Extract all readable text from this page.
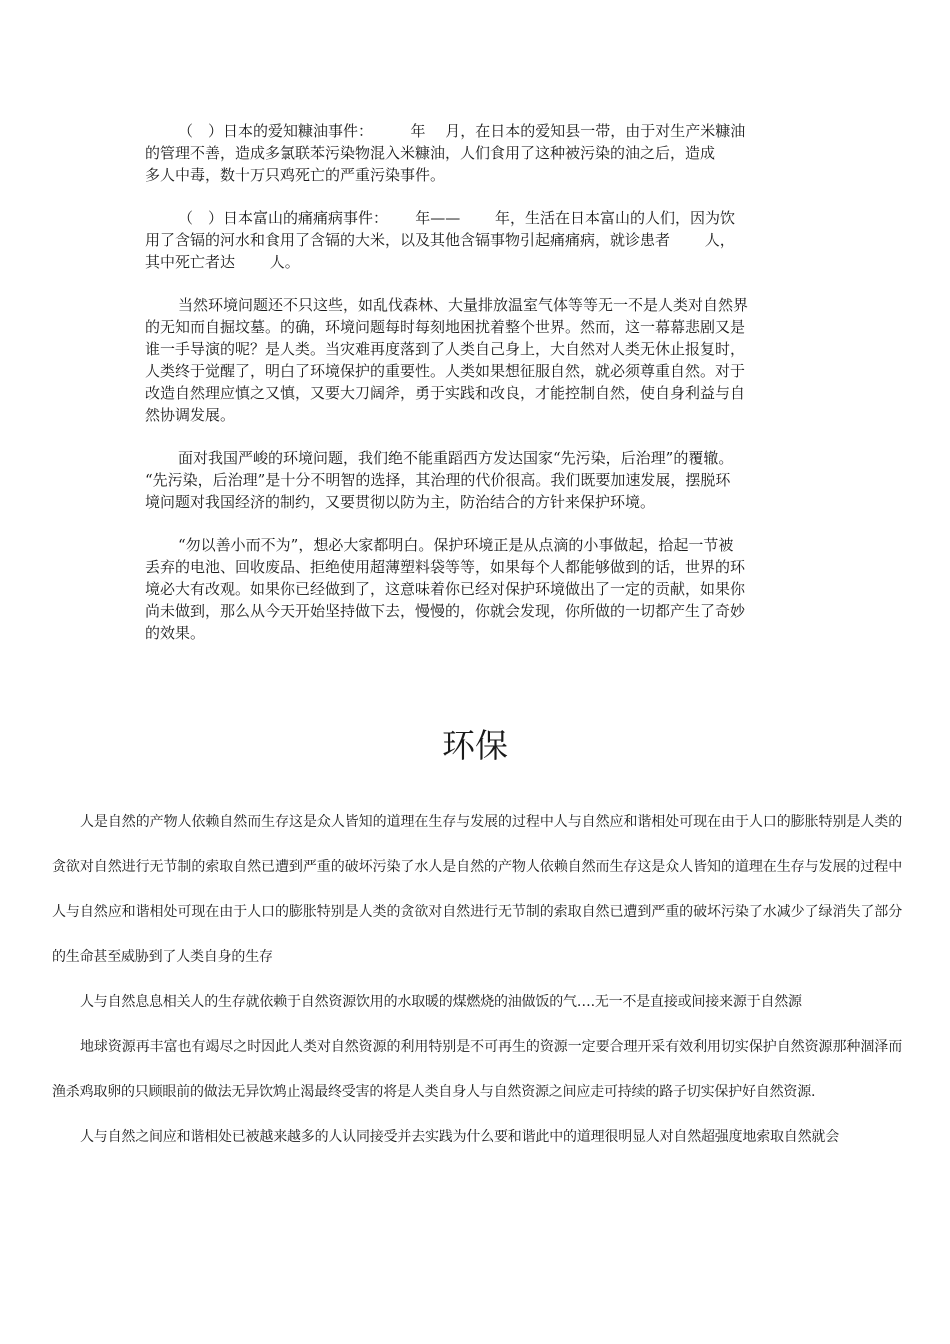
（　）日本的爱知糠油事件：　　　年　 月，在日本的爱知县一带，由于对生产米糠油
的管理不善，造成多氯联苯污染物混入米糠油，人们食用了这种被污染的油之后，造成
多人中毒，数十万只鸡死亡的严重污染事件。

（　）日本富山的痛痛病事件：　　 年——　　 年，生活在日本富山的人们，因为饮
用了含镉的河水和食用了含镉的大米，以及其他含镉事物引起痛痛病，就诊患者　　 人，
其中死亡者达　　 人。

当然环境问题还不只这些，如乱伐森林、大量排放温室气体等等无一不是人类对自然界
的无知而自掘坟墓。的确，环境问题每时每刻地困扰着整个世界。然而，这一幕幕悲剧又是
谁一手导演的呢？是人类。当灾难再度落到了人类自己身上，大自然对人类无休止报复时，
人类终于觉醒了，明白了环境保护的重要性。人类如果想征服自然，就必须尊重自然。对于
改造自然理应慎之又慎，又要大刀阔斧，勇于实践和改良，才能控制自然，使自身利益与自
然协调发展。

面对我国严峻的环境问题，我们绝不能重蹈西方发达国家“先污染，后治理”的覆辙。
“先污染，后治理”是十分不明智的选择，其治理的代价很高。我们既要加速发展，摆脱环
境问题对我国经济的制约，又要贯彻以防为主，防治结合的方针来保护环境。

“勿以善小而不为”，想必大家都明白。保护环境正是从点滴的小事做起，拾起一节被
丢弃的电池、回收废品、拒绝使用超薄塑料袋等等，如果每个人都能够做到的话，世界的环
境必大有改观。如果你已经做到了，这意味着你已经对保护环境做出了一定的贡献，如果你
尚未做到，那么从今天开始坚持做下去，慢慢的，你就会发现，你所做的一切都产生了奇妙
的效果。

环保

人是自然的产物人依赖自然而生存这是众人皆知的道理在生存与发展的过程中人与自然应和谐相处可现在由于人口的膨胀特别是人类的贪欲对自然进行无节制的索取自然已遭到严重的破坏污染了水人是自然的产物人依赖自然而生存这是众人皆知的道理在生存与发展的过程中人与自然应和谐相处可现在由于人口的膨胀特别是人类的贪欲对自然进行无节制的索取自然已遭到严重的破坏污染了水减少了绿消失了部分的生命甚至威胁到了人类自身的生存

人与自然息息相关人的生存就依赖于自然资源饮用的水取暖的煤燃烧的油做饭的气….无一不是直接或间接来源于自然源

地球资源再丰富也有竭尽之时因此人类对自然资源的利用特别是不可再生的资源一定要合理开采有效利用切实保护自然资源那种涸泽而渔杀鸡取卵的只顾眼前的做法无异饮鸩止渴最终受害的将是人类自身人与自然资源之间应走可持续的路子切实保护好自然资源.

人与自然之间应和谐相处已被越来越多的人认同接受并去实践为什么要和谐此中的道理很明显人对自然超强度地索取自然就会
